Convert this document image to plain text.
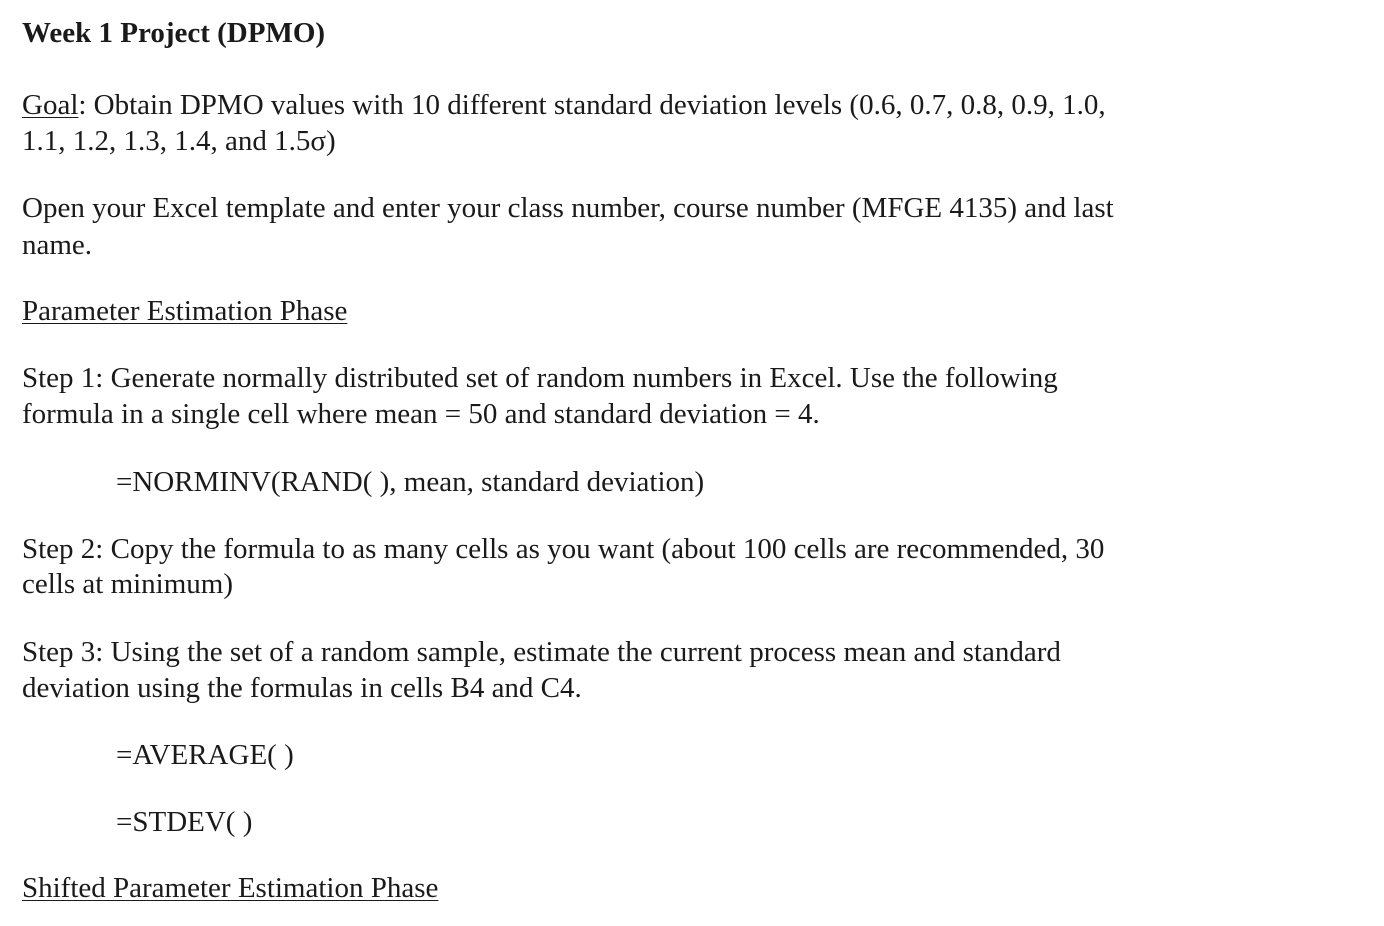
Week 1 Project (DPMO)
Goal: Obtain DPMO values with 10 different standard deviation levels (0.6, 0.7, 0.8, 0.9, 1.0,
1.1, 1.2, 1.3, 1.4, and 1.5σ)
Open your Excel template and enter your class number, course number (MFGE 4135) and last
name.
Parameter Estimation Phase
Step 1: Generate normally distributed set of random numbers in Excel. Use the following
formula in a single cell where mean = 50 and standard deviation = 4.
=NORMINV(RAND( ), mean, standard deviation)
Step 2: Copy the formula to as many cells as you want (about 100 cells are recommended, 30
cells at minimum)
Step 3: Using the set of a random sample, estimate the current process mean and standard
deviation using the formulas in cells B4 and C4.
=AVERAGE( )
=STDEV( )
Shifted Parameter Estimation Phase
